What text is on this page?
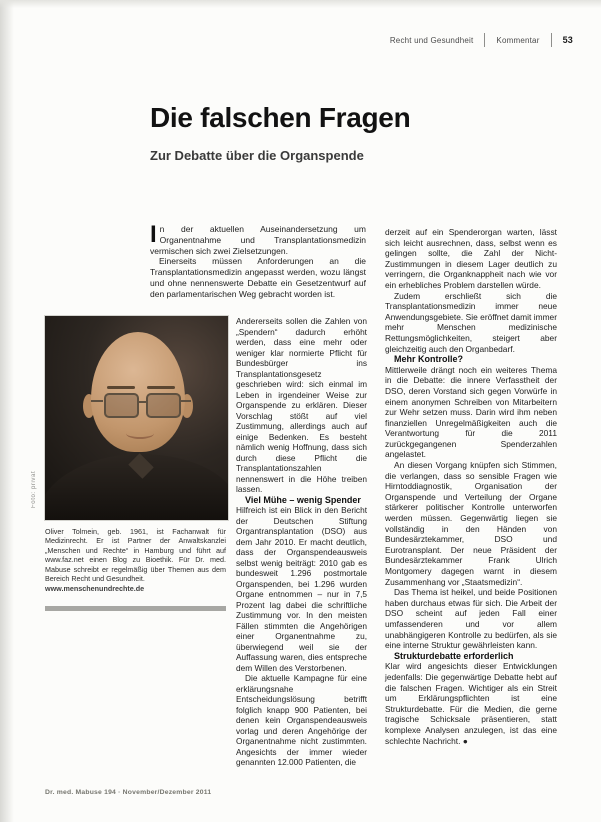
Recht und Gesundheit	Kommentar	53
Die falschen Fragen
Zur Debatte über die Organspende

In der aktuellen Auseinandersetzung um Organentnahme und Transplantationsmedizin vermischen sich zwei Zielsetzungen.

Einerseits müssen Anforderungen an die Transplantationsmedizin angepasst werden, wozu längst und ohne nennenswerte Debatte ein Gesetzentwurf auf den parlamentarischen Weg gebracht worden ist.

Foto: privat

Oliver Tolmein, geb. 1961, ist Fachanwalt für Medizinrecht. Er ist Partner der Anwaltskanzlei „Menschen und Rechte“ in Hamburg und führt auf www.faz.net einen Blog zu Bioethik. Für Dr. med. Mabuse schreibt er regelmäßig über Themen aus dem Bereich Recht und Gesundheit.

www.menschenundrechte.de

Andererseits sollen die Zahlen von „Spendern“ dadurch erhöht werden, dass eine mehr oder weniger klar normierte Pflicht für Bundesbürger ins Transplantationsgesetz geschrieben wird: sich einmal im Leben in irgendeiner Weise zur Organspende zu erklären. Dieser Vorschlag stößt auf viel Zustimmung, allerdings auch auf einige Bedenken. Es besteht nämlich wenig Hoffnung, dass sich durch diese Pflicht die Transplantationszahlen nennenswert in die Höhe treiben lassen.

Viel Mühe – wenig Spender

Hilfreich ist ein Blick in den Bericht der Deutschen Stiftung Organtransplantation (DSO) aus dem Jahr 2010. Er macht deutlich, dass der Organspendeausweis selbst wenig beiträgt: 2010 gab es bundesweit 1.296 postmortale Organspenden, bei 1.296 wurden Organe entnommen – nur in 7,5 Prozent lag dabei die schriftliche Zustimmung vor. In den meisten Fällen stimmten die Angehörigen einer Organentnahme zu, überwiegend weil sie der Auffassung waren, dies entspreche dem Willen des Verstorbenen.

Die aktuelle Kampagne für eine erklärungsnahe Entscheidungslösung betrifft folglich knapp 900 Patienten, bei denen kein Organspendeausweis vorlag und deren Angehörige der Organentnahme nicht zustimmten. Angesichts der immer wieder genannten 12.000 Patienten, die

derzeit auf ein Spenderorgan warten, lässt sich leicht ausrechnen, dass, selbst wenn es gelingen sollte, die Zahl der Nicht-Zustimmungen in diesem Lager deutlich zu verringern, die Organknappheit nach wie vor ein erhebliches Problem darstellen würde.

Zudem erschließt sich die Transplantationsmedizin immer neue Anwendungsgebiete. Sie eröffnet damit immer mehr Menschen medizinische Rettungsmöglichkeiten, steigert aber gleichzeitig auch den Organbedarf.

Mehr Kontrolle?

Mittlerweile drängt noch ein weiteres Thema in die Debatte: die innere Verfasstheit der DSO, deren Vorstand sich gegen Vorwürfe in einem anonymen Schreiben von Mitarbeitern zur Wehr setzen muss. Darin wird ihm neben finanziellen Unregelmäßigkeiten auch die Verantwortung für die 2011 zurückgegangenen Spenderzahlen angelastet.

An diesen Vorgang knüpfen sich Stimmen, die verlangen, dass so sensible Fragen wie Hirntoddiagnostik, Organisation der Organspende und Verteilung der Organe stärkerer politischer Kontrolle unterworfen werden müssen. Gegenwärtig liegen sie vollständig in den Händen von Bundesärztekammer, DSO und Eurotransplant. Der neue Präsident der Bundesärztekammer Frank Ulrich Montgomery dagegen warnt in diesem Zusammenhang vor „Staatsmedizin“.

Das Thema ist heikel, und beide Positionen haben durchaus etwas für sich. Die Arbeit der DSO scheint auf jeden Fall einer umfassenderen und vor allem unabhängigeren Kontrolle zu bedürfen, als sie eine interne Struktur gewährleisten kann.

Strukturdebatte erforderlich

Klar wird angesichts dieser Entwicklungen jedenfalls: Die gegenwärtige Debatte hebt auf die falschen Fragen. Wichtiger als ein Streit um Erklärungspflichten ist eine Strukturdebatte. Für die Medien, die gerne tragische Schicksale präsentieren, statt komplexe Analysen anzulegen, ist das eine schlechte Nachricht. ●

Dr. med. Mabuse 194 · November/Dezember 2011
